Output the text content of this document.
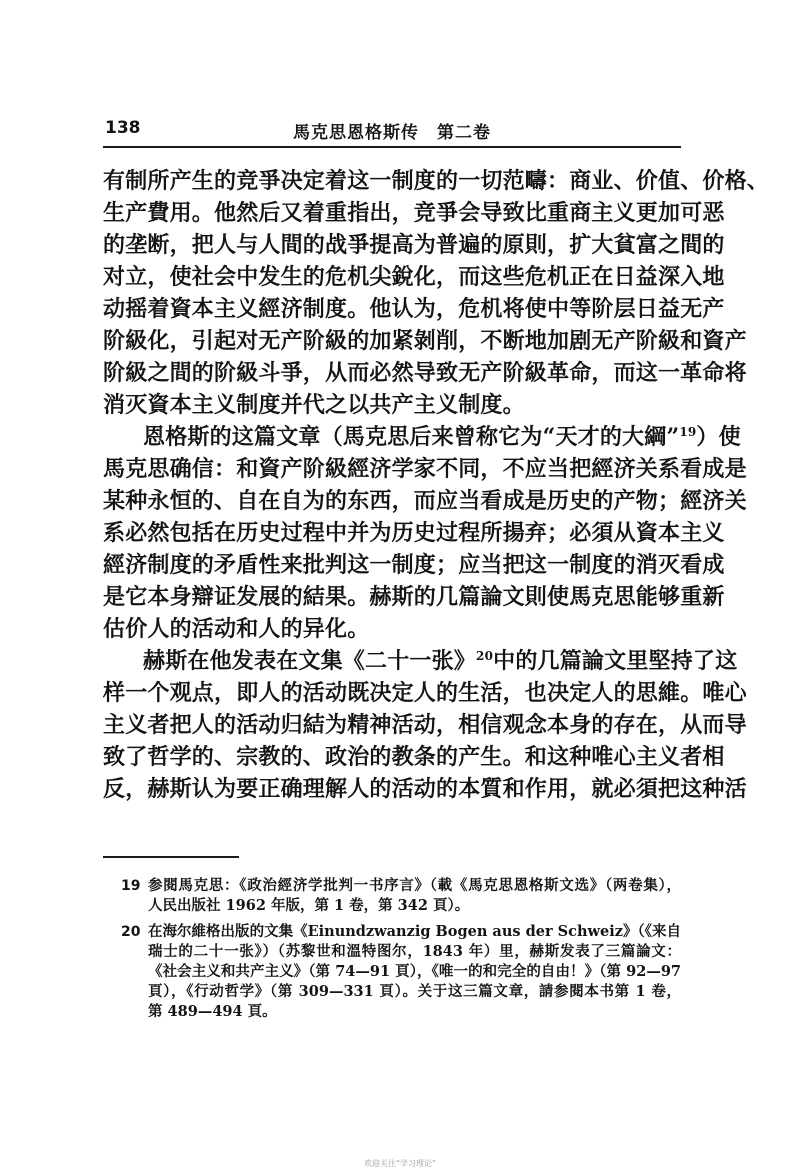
138	馬克思恩格斯传　第二卷
有制所产生的竞爭决定着这一制度的一切范疇：商业、价值、价格、
生产費用。他然后又着重指出，竞爭会导致比重商主义更加可恶
的垄断，把人与人間的战爭提高为普遍的原則，扩大貧富之間的
对立，使社会中发生的危机尖銳化，而这些危机正在日益深入地
动摇着資本主义經济制度。他认为，危机将使中等阶层日益无产
阶級化，引起对无产阶級的加紧剝削，不断地加剧无产阶級和資产
阶級之間的阶級斗爭，从而必然导致无产阶級革命，而这一革命将
消灭資本主义制度并代之以共产主义制度。
恩格斯的这篇文章（馬克思后来曾称它为“天才的大綱”$^{19}$）使
馬克思确信：和資产阶級經济学家不同，不应当把經济关系看成是
某种永恒的、自在自为的东西，而应当看成是历史的产物；經济关
系必然包括在历史过程中并为历史过程所揚弃；必須从資本主义
經济制度的矛盾性来批判这一制度；应当把这一制度的消灭看成
是它本身辯证发展的結果。赫斯的几篇論文則使馬克思能够重新
估价人的活动和人的异化。
赫斯在他发表在文集《二十一张》$^{20}$中的几篇論文里堅持了这
样一个观点，即人的活动既决定人的生活，也决定人的思維。唯心
主义者把人的活动归結为精神活动，相信观念本身的存在，从而导
致了哲学的、宗教的、政治的教条的产生。和这种唯心主义者相
反，赫斯认为要正确理解人的活动的本質和作用，就必須把这种活
19 参閱馬克思：《政治經济学批判一书序言》（載《馬克思恩格斯文选》（两卷集），
人民出版社 1962 年版，第 1 卷，第 342 頁）。
20 在海尔維格出版的文集《Einundzwanzig Bogen aus der Schweiz》（《来自
瑞士的二十一张》）（苏黎世和溫特图尔，1843 年）里，赫斯发表了三篇論文：
《社会主义和共产主义》（第 74—91 頁），《唯一的和完全的自由！》（第 92—97
頁），《行动哲学》（第 309—331 頁）。关于这三篇文章，請参閱本书第 1 卷，
第 489—494 頁。
欢迎关注“学习理论”
